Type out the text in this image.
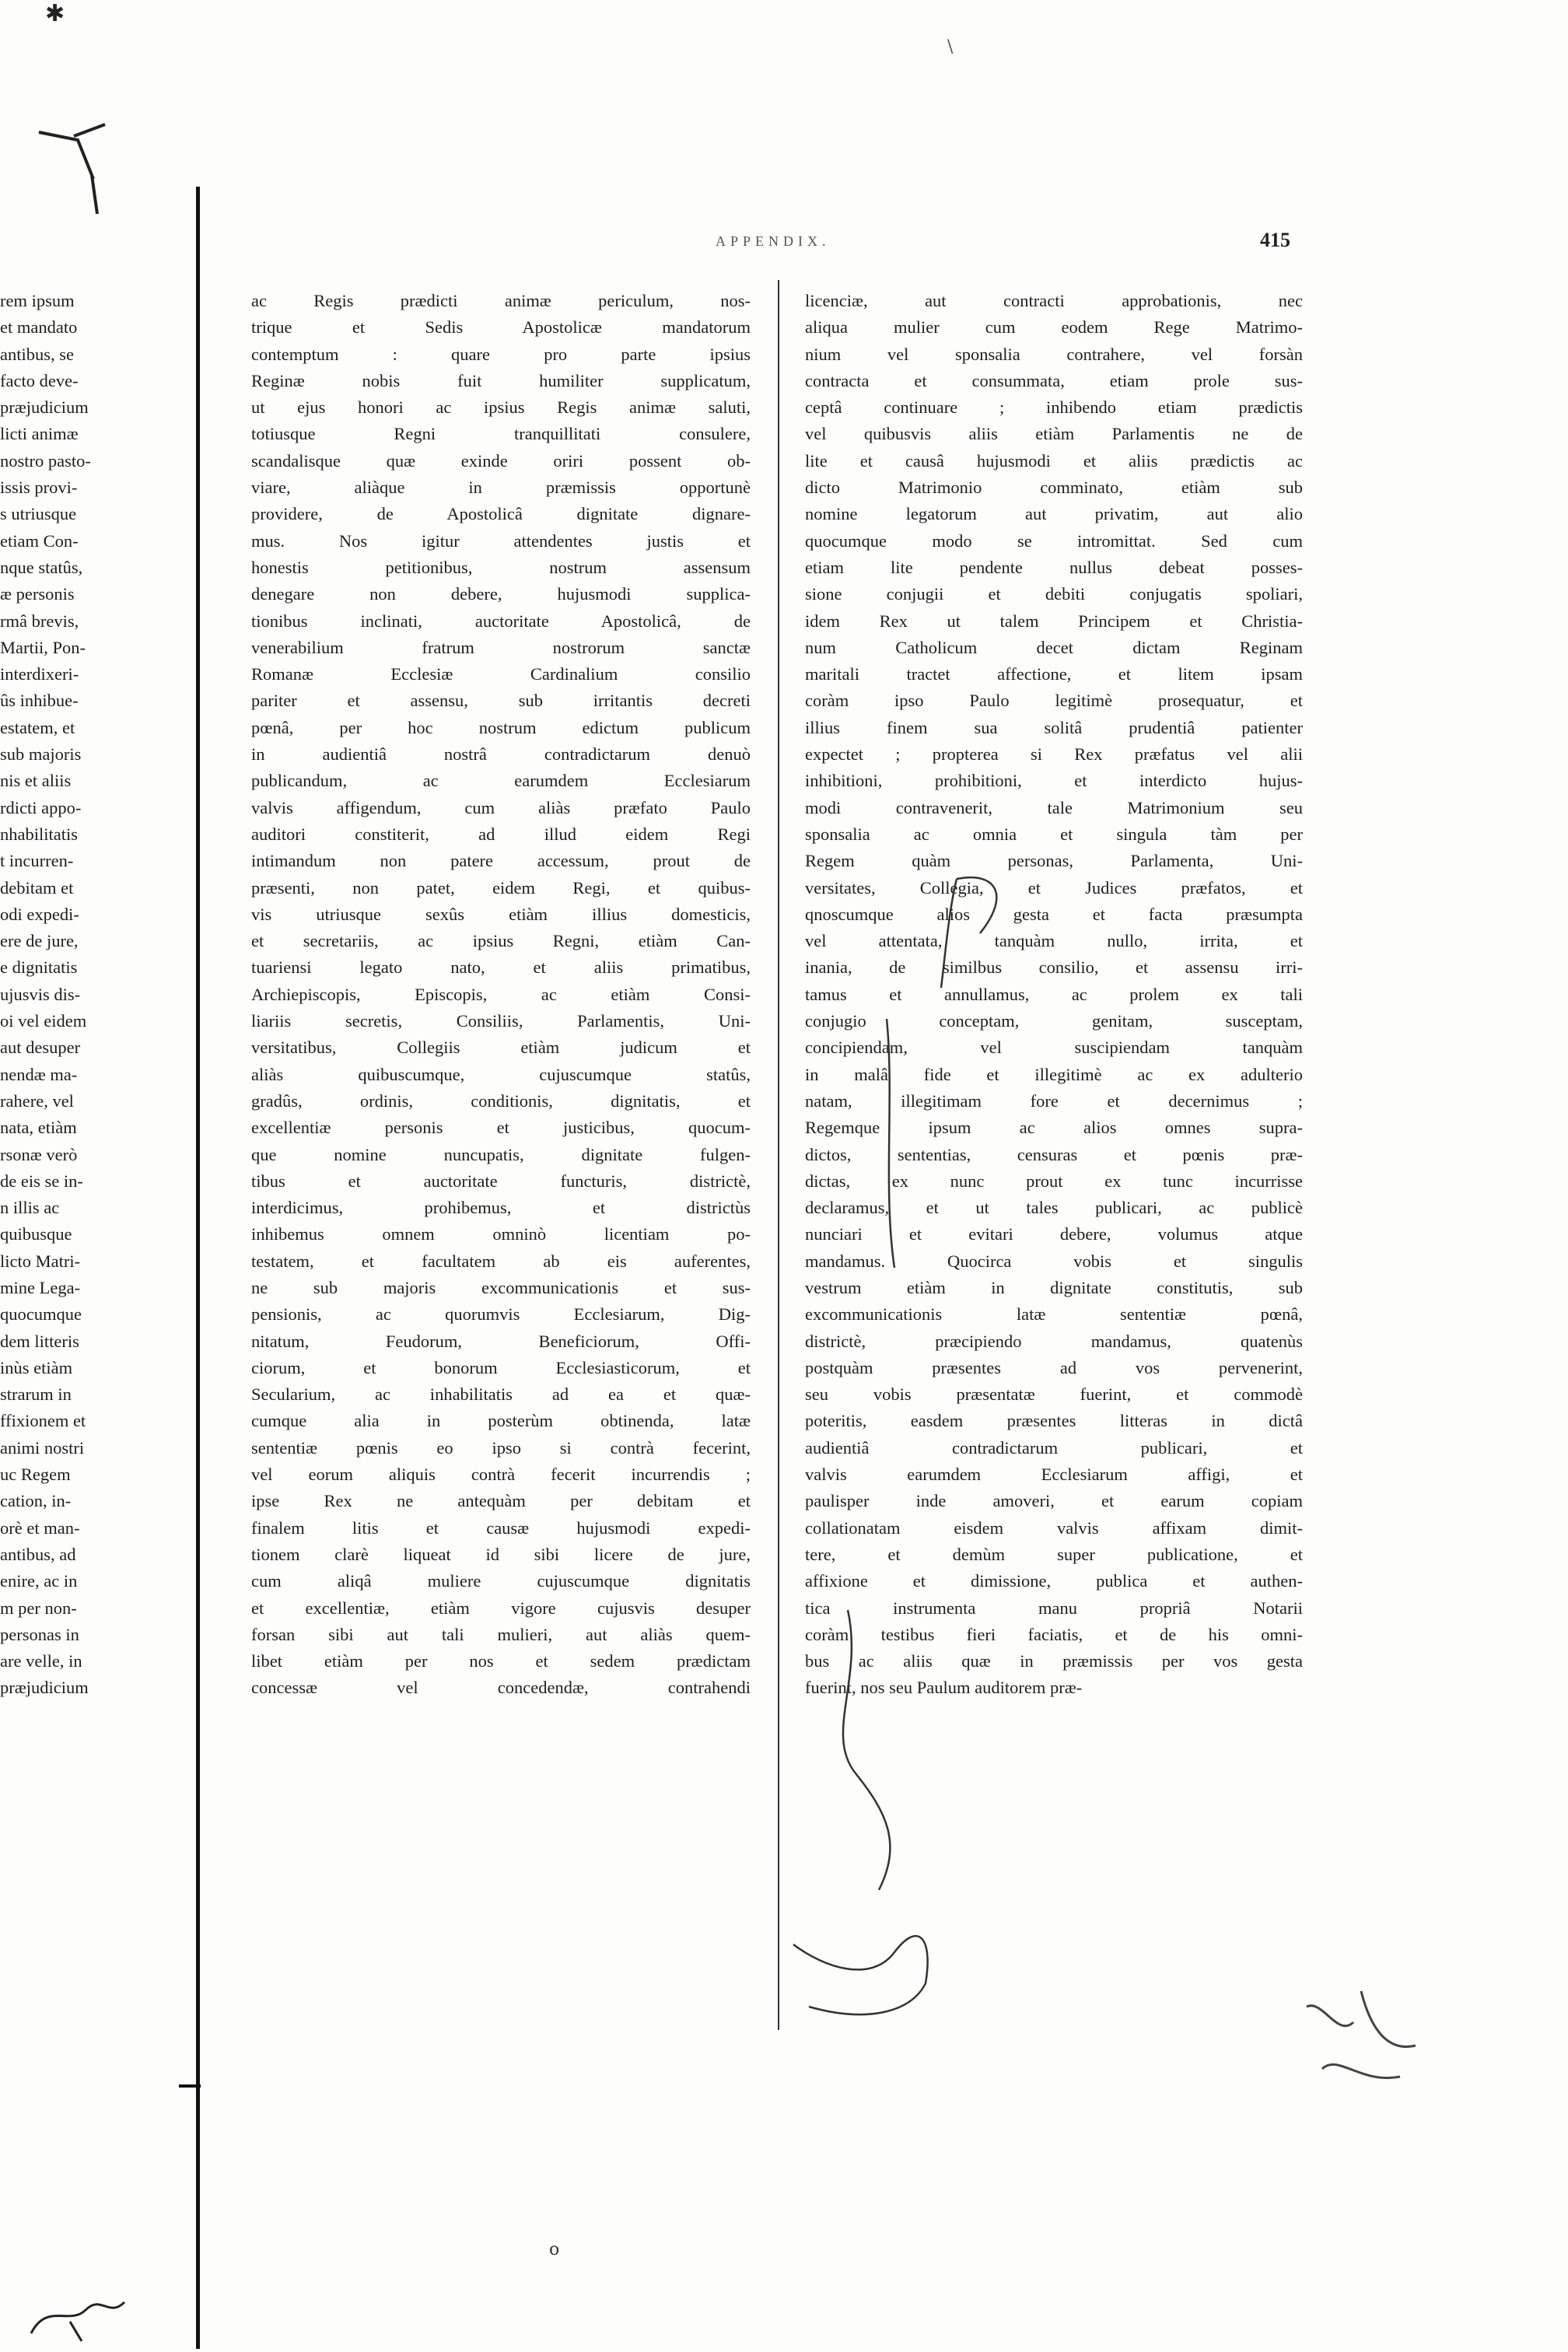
✱
\
o
APPENDIX.	415
rem ipsum
et mandato
antibus, se
facto deve-
præjudicium
licti animæ
nostro pasto-
issis provi-
s utriusque
etiam Con-
nque statûs,
æ personis
rmâ brevis,
Martii, Pon-
interdixeri-
ûs inhibue-
estatem, et
sub majoris
nis et aliis
rdicti appo-
nhabilitatis
t incurren-
debitam et
odi expedi-
ere de jure,
e dignitatis
ujusvis dis-
oi vel eidem
aut desuper
nendæ ma-
rahere, vel
nata, etiàm
rsonæ verò
de eis se in-
n illis ac
quibusque
licto Matri-
mine Lega-
quocumque
dem litteris
inùs etiàm
strarum in
ffixionem et
animi nostri
uc Regem
cation, in-
orè et man-
antibus, ad
enire, ac in
m per non-
personas in
are velle, in
præjudicium
ac Regis prædicti animæ periculum, nos-
trique et Sedis Apostolicæ mandatorum
contemptum : quare pro parte ipsius
Reginæ nobis fuit humiliter supplicatum,
ut ejus honori ac ipsius Regis animæ saluti,
totiusque Regni tranquillitati consulere,
scandalisque quæ exinde oriri possent ob-
viare, aliàque in præmissis opportunè
providere, de Apostolicâ dignitate dignare-
mus. Nos igitur attendentes justis et
honestis petitionibus, nostrum assensum
denegare non debere, hujusmodi supplica-
tionibus inclinati, auctoritate Apostolicâ, de
venerabilium fratrum nostrorum sanctæ
Romanæ Ecclesiæ Cardinalium consilio
pariter et assensu, sub irritantis decreti
pœnâ, per hoc nostrum edictum publicum
in audientiâ nostrâ contradictarum denuò
publicandum, ac earumdem Ecclesiarum
valvis affigendum, cum aliàs præfato Paulo
auditori constiterit, ad illud eidem Regi
intimandum non patere accessum, prout de
præsenti, non patet, eidem Regi, et quibus-
vis utriusque sexûs etiàm illius domesticis,
et secretariis, ac ipsius Regni, etiàm Can-
tuariensi legato nato, et aliis primatibus,
Archiepiscopis, Episcopis, ac etiàm Consi-
liariis secretis, Consiliis, Parlamentis, Uni-
versitatibus, Collegiis etiàm judicum et
aliàs quibuscumque, cujuscumque statûs,
gradûs, ordinis, conditionis, dignitatis, et
excellentiæ personis et justicibus, quocum-
que nomine nuncupatis, dignitate fulgen-
tibus et auctoritate functuris, districtè,
interdicimus, prohibemus, et districtùs
inhibemus omnem omninò licentiam po-
testatem, et facultatem ab eis auferentes,
ne sub majoris excommunicationis et sus-
pensionis, ac quorumvis Ecclesiarum, Dig-
nitatum, Feudorum, Beneficiorum, Offi-
ciorum, et bonorum Ecclesiasticorum, et
Secularium, ac inhabilitatis ad ea et quæ-
cumque alia in posterùm obtinenda, latæ
sententiæ pœnis eo ipso si contrà fecerint,
vel eorum aliquis contrà fecerit incurrendis ;
ipse Rex ne antequàm per debitam et
finalem litis et causæ hujusmodi expedi-
tionem clarè liqueat id sibi licere de jure,
cum aliqâ muliere cujuscumque dignitatis
et excellentiæ, etiàm vigore cujusvis desuper
forsan sibi aut tali mulieri, aut aliàs quem-
libet etiàm per nos et sedem prædictam
concessæ vel concedendæ, contrahendi
licenciæ, aut contracti approbationis, nec
aliqua mulier cum eodem Rege Matrimo-
nium vel sponsalia contrahere, vel forsàn
contracta et consummata, etiam prole sus-
ceptâ continuare ; inhibendo etiam prædictis
vel quibusvis aliis etiàm Parlamentis ne de
lite et causâ hujusmodi et aliis prædictis ac
dicto Matrimonio comminato, etiàm sub
nomine legatorum aut privatim, aut alio
quocumque modo se intromittat. Sed cum
etiam lite pendente nullus debeat posses-
sione conjugii et debiti conjugatis spoliari,
idem Rex ut talem Principem et Christia-
num Catholicum decet dictam Reginam
maritali tractet affectione, et litem ipsam
coràm ipso Paulo legitimè prosequatur, et
illius finem sua solitâ prudentiâ patienter
expectet ; propterea si Rex præfatus vel alii
inhibitioni, prohibitioni, et interdicto hujus-
modi contravenerit, tale Matrimonium seu
sponsalia ac omnia et singula tàm per
Regem quàm personas, Parlamenta, Uni-
versitates, Collegia, et Judices præfatos, et
qnoscumque alios gesta et facta præsumpta
vel attentata, tanquàm nullo, irrita, et
inania, de similbus consilio, et assensu irri-
tamus et annullamus, ac prolem ex tali
conjugio conceptam, genitam, susceptam,
concipiendam, vel suscipiendam tanquàm
in malâ fide et illegitimè ac ex adulterio
natam, illegitimam fore et decernimus ;
Regemque ipsum ac alios omnes supra-
dictos, sententias, censuras et pœnis præ-
dictas, ex nunc prout ex tunc incurrisse
declaramus, et ut tales publicari, ac publicè
nunciari et evitari debere, volumus atque
mandamus. Quocirca vobis et singulis
vestrum etiàm in dignitate constitutis, sub
excommunicationis latæ sententiæ pœnâ,
districtè, præcipiendo mandamus, quatenùs
postquàm præsentes ad vos pervenerint,
seu vobis præsentatæ fuerint, et commodè
poteritis, easdem præsentes litteras in dictâ
audientiâ contradictarum publicari, et
valvis earumdem Ecclesiarum affigi, et
paulisper inde amoveri, et earum copiam
collationatam eisdem valvis affixam dimit-
tere, et demùm super publicatione, et
affixione et dimissione, publica et authen-
tica instrumenta manu propriâ Notarii
coràm testibus fieri faciatis, et de his omni-
bus ac aliis quæ in præmissis per vos gesta
fuerint, nos seu Paulum auditorem præ-
